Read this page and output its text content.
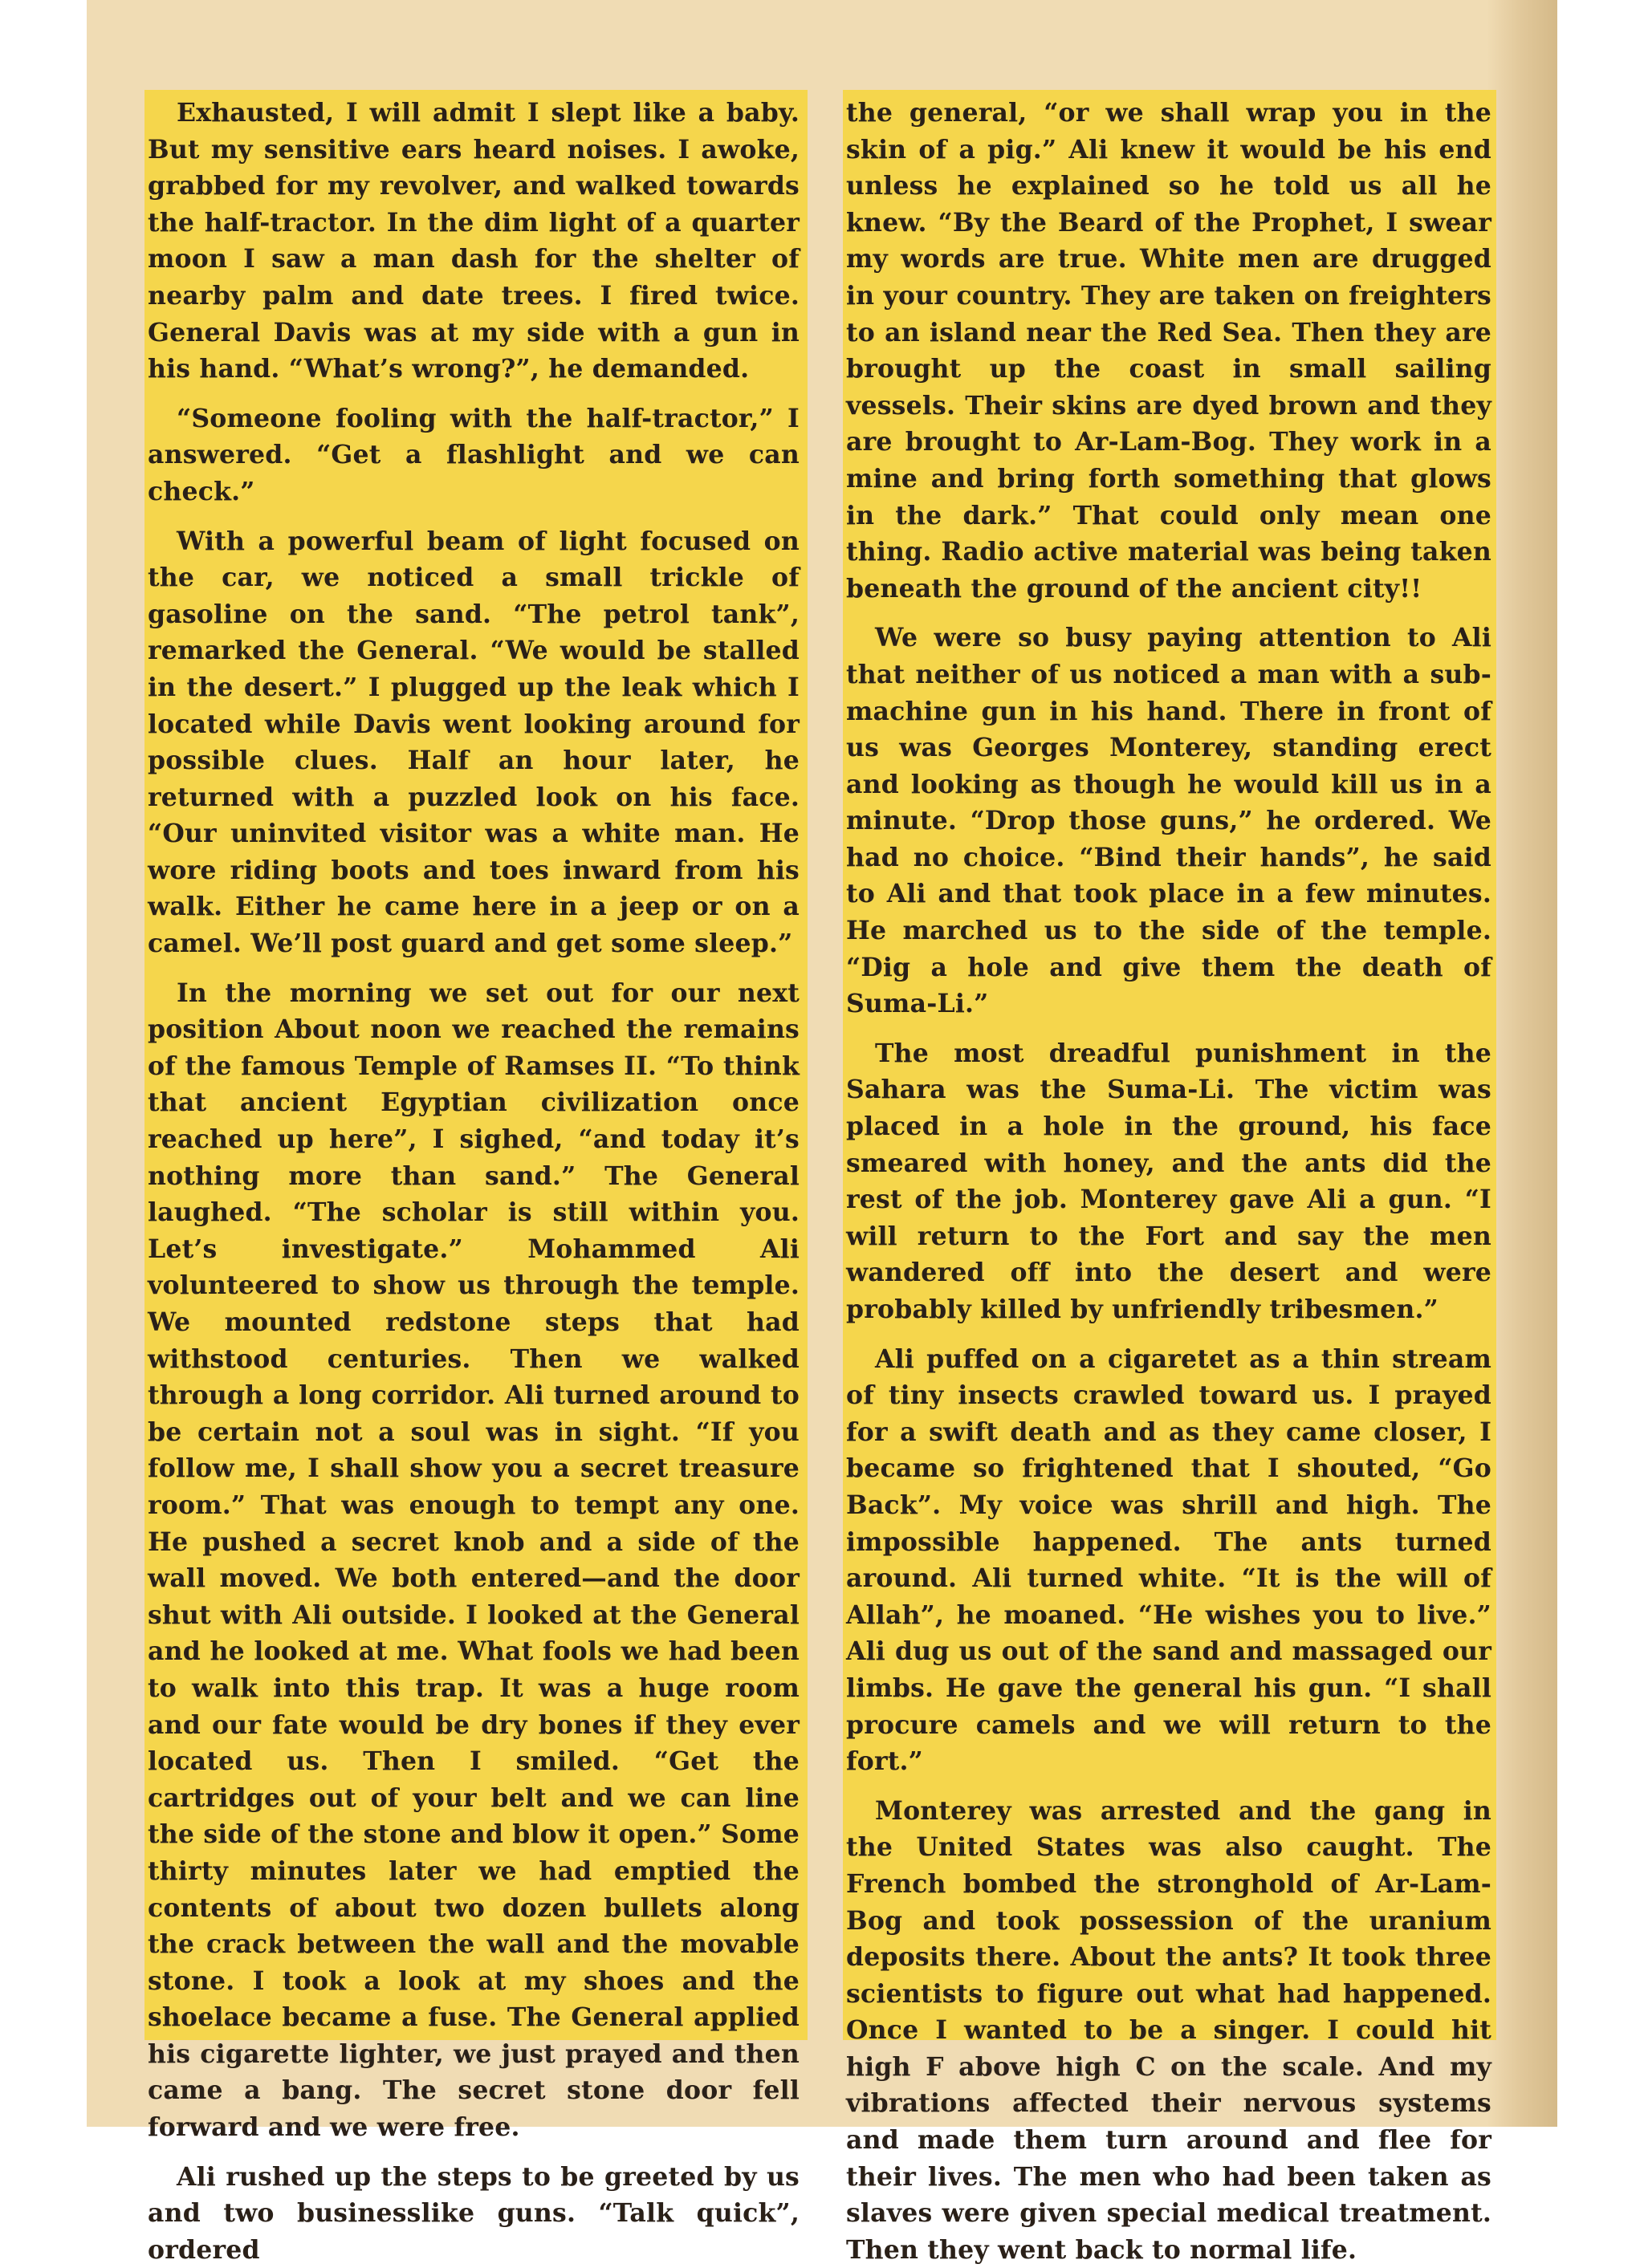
Exhausted, I will admit I slept like a baby. But my sensitive ears heard noises. I awoke, grabbed for my revolver, and walked towards the half-tractor. In the dim light of a quarter moon I saw a man dash for the shelter of nearby palm and date trees. I fired twice. General Davis was at my side with a gun in his hand. “What’s wrong?”, he demanded.

“Someone fooling with the half-tractor,” I answered. “Get a flashlight and we can check.”

With a powerful beam of light focused on the car, we noticed a small trickle of gasoline on the sand. “The petrol tank”, remarked the General. “We would be stalled in the desert.” I plugged up the leak which I located while Davis went looking around for possible clues. Half an hour later, he returned with a puzzled look on his face. “Our uninvited visitor was a white man. He wore riding boots and toes inward from his walk. Either he came here in a jeep or on a camel. We’ll post guard and get some sleep.”

In the morning we set out for our next position About noon we reached the remains of the famous Temple of Ramses II. “To think that ancient Egyptian civilization once reached up here”, I sighed, “and today it’s nothing more than sand.” The General laughed. “The scholar is still within you. Let’s investigate.” Mohammed Ali volunteered to show us through the temple. We mounted redstone steps that had withstood centuries. Then we walked through a long corridor. Ali turned around to be certain not a soul was in sight. “If you follow me, I shall show you a secret treasure room.” That was enough to tempt any one. He pushed a secret knob and a side of the wall moved. We both entered—and the door shut with Ali outside. I looked at the General and he looked at me. What fools we had been to walk into this trap. It was a huge room and our fate would be dry bones if they ever located us. Then I smiled. “Get the cartridges out of your belt and we can line the side of the stone and blow it open.” Some thirty minutes later we had emptied the contents of about two dozen bullets along the crack between the wall and the movable stone. I took a look at my shoes and the shoelace became a fuse. The General applied his cigarette lighter, we just prayed and then came a bang. The secret stone door fell forward and we were free.

Ali rushed up the steps to be greeted by us and two businesslike guns. “Talk quick”, ordered

the general, “or we shall wrap you in the skin of a pig.” Ali knew it would be his end unless he explained so he told us all he knew. “By the Beard of the Prophet, I swear my words are true. White men are drugged in your country. They are taken on freighters to an island near the Red Sea. Then they are brought up the coast in small sailing vessels. Their skins are dyed brown and they are brought to Ar-Lam-Bog. They work in a mine and bring forth something that glows in the dark.” That could only mean one thing. Radio active material was being taken beneath the ground of the ancient city!!

We were so busy paying attention to Ali that neither of us noticed a man with a sub-machine gun in his hand. There in front of us was Georges Monterey, standing erect and looking as though he would kill us in a minute. “Drop those guns,” he ordered. We had no choice. “Bind their hands”, he said to Ali and that took place in a few minutes. He marched us to the side of the temple. “Dig a hole and give them the death of Suma-Li.”

The most dreadful punishment in the Sahara was the Suma-Li. The victim was placed in a hole in the ground, his face smeared with honey, and the ants did the rest of the job. Monterey gave Ali a gun. “I will return to the Fort and say the men wandered off into the desert and were probably killed by unfriendly tribesmen.”

Ali puffed on a cigaretet as a thin stream of tiny insects crawled toward us. I prayed for a swift death and as they came closer, I became so frightened that I shouted, “Go Back”. My voice was shrill and high. The impossible happened. The ants turned around. Ali turned white. “It is the will of Allah”, he moaned. “He wishes you to live.” Ali dug us out of the sand and massaged our limbs. He gave the general his gun. “I shall procure camels and we will return to the fort.”

Monterey was arrested and the gang in the United States was also caught. The French bombed the stronghold of Ar-Lam-Bog and took possession of the uranium deposits there. About the ants? It took three scientists to figure out what had happened. Once I wanted to be a singer. I could hit high F above high C on the scale. And my vibrations affected their nervous systems and made them turn around and flee for their lives. The men who had been taken as slaves were given special medical treatment. Then they went back to normal life.
